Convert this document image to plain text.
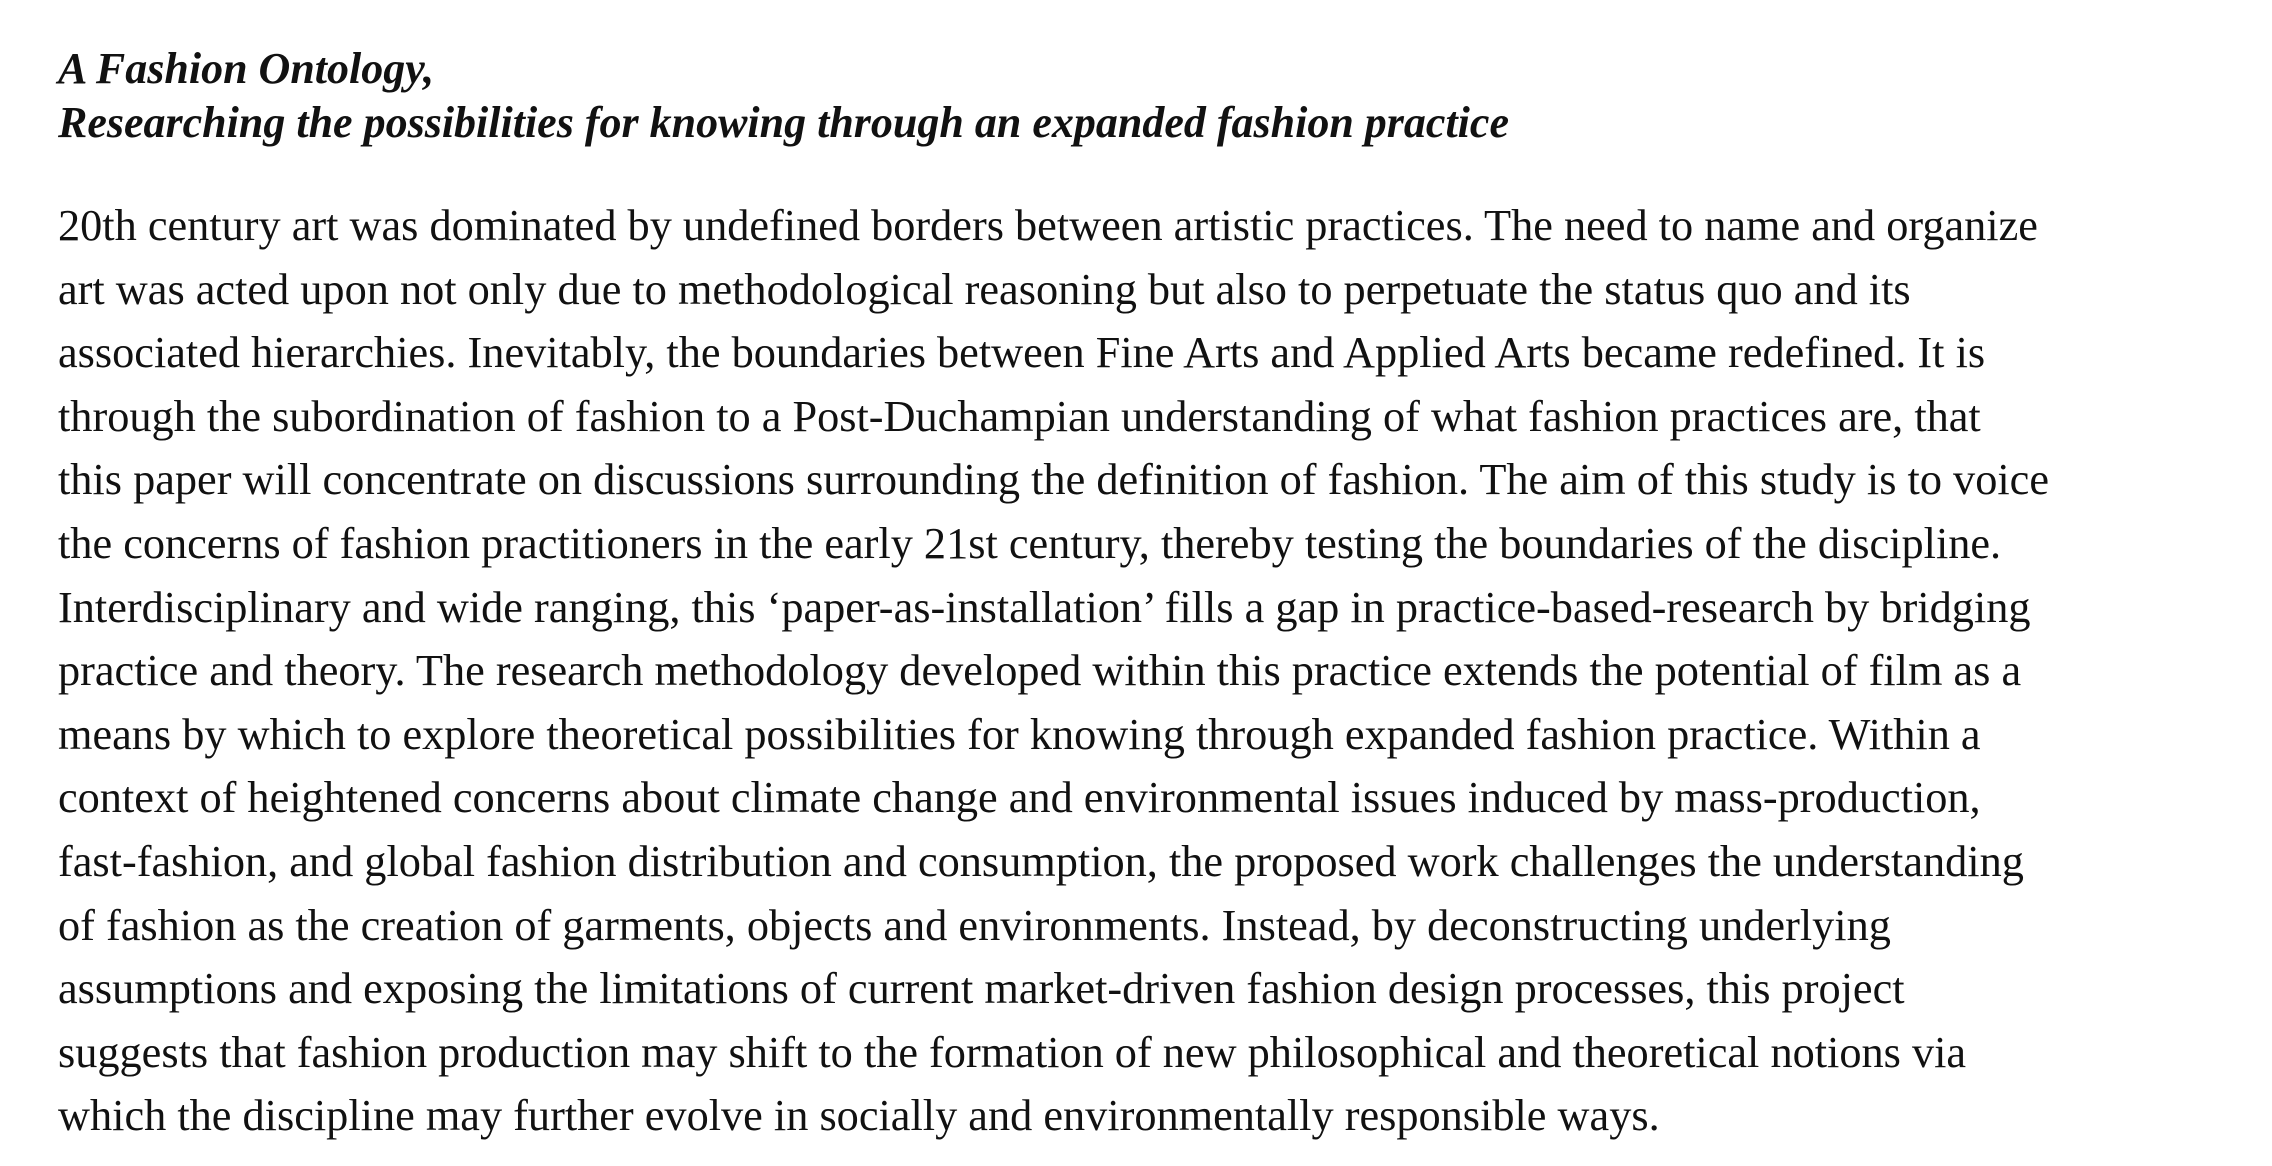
A Fashion Ontology,
Researching the possibilities for knowing through an expanded fashion practice
20th century art was dominated by undefined borders between artistic practices. The need to name and organize
art was acted upon not only due to methodological reasoning but also to perpetuate the status quo and its
associated hierarchies. Inevitably, the boundaries between Fine Arts and Applied Arts became redefined. It is
through the subordination of fashion to a Post-Duchampian understanding of what fashion practices are, that
this paper will concentrate on discussions surrounding the definition of fashion. The aim of this study is to voice
the concerns of fashion practitioners in the early 21st century, thereby testing the boundaries of the discipline.
Interdisciplinary and wide ranging, this ‘paper-as-installation’ fills a gap in practice-based-research by bridging
practice and theory. The research methodology developed within this practice extends the potential of film as a
means by which to explore theoretical possibilities for knowing through expanded fashion practice. Within a
context of heightened concerns about climate change and environmental issues induced by mass-production,
fast-fashion, and global fashion distribution and consumption, the proposed work challenges the understanding
of fashion as the creation of garments, objects and environments. Instead, by deconstructing underlying
assumptions and exposing the limitations of current market-driven fashion design processes, this project
suggests that fashion production may shift to the formation of new philosophical and theoretical notions via
which the discipline may further evolve in socially and environmentally responsible ways.
